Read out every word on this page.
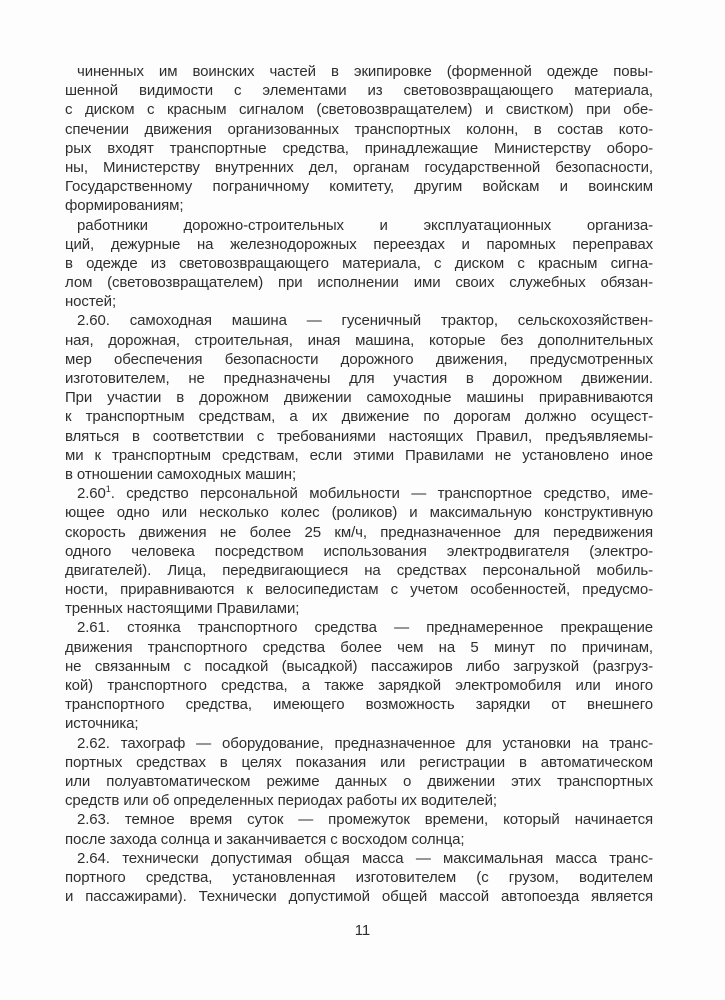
чиненных им воинских частей в экипировке (форменной одежде повы-
шенной видимости с элементами из световозвращающего материала,
с диском с красным сигналом (световозвращателем) и свистком) при обе-
спечении движения организованных транспортных колонн, в состав кото-
рых входят транспортные средства, принадлежащие Министерству оборо-
ны, Министерству внутренних дел, органам государственной безопасности,
Государственному пограничному комитету, другим войскам и воинским
формированиям;
работники дорожно-строительных и эксплуатационных организа-
ций, дежурные на железнодорожных переездах и паромных переправах
в одежде из световозвращающего материала, с диском с красным сигна-
лом (световозвращателем) при исполнении ими своих служебных обязан-
ностей;
2.60. самоходная машина — гусеничный трактор, сельскохозяйствен-
ная, дорожная, строительная, иная машина, которые без дополнительных
мер обеспечения безопасности дорожного движения, предусмотренных
изготовителем, не предназначены для участия в дорожном движении.
При участии в дорожном движении самоходные машины приравниваются
к транспортным средствам, а их движение по дорогам должно осущест-
вляться в соответствии с требованиями настоящих Правил, предъявляемы-
ми к транспортным средствам, если этими Правилами не установлено иное
в отношении самоходных машин;
2.60$^1$. средство персональной мобильности — транспортное средство, име-
ющее одно или несколько колес (роликов) и максимальную конструктивную
скорость движения не более 25 км/ч, предназначенное для передвижения
одного человека посредством использования электродвигателя (электро-
двигателей). Лица, передвигающиеся на средствах персональной мобиль-
ности, приравниваются к велосипедистам с учетом особенностей, предусмо-
тренных настоящими Правилами;
2.61. стоянка транспортного средства — преднамеренное прекращение
движения транспортного средства более чем на 5 минут по причинам,
не связанным с посадкой (высадкой) пассажиров либо загрузкой (разгруз-
кой) транспортного средства, а также зарядкой электромобиля или иного
транспортного средства, имеющего возможность зарядки от внешнего
источника;
2.62. тахограф — оборудование, предназначенное для установки на транс-
портных средствах в целях показания или регистрации в автоматическом
или полуавтоматическом режиме данных о движении этих транспортных
средств или об определенных периодах работы их водителей;
2.63. темное время суток — промежуток времени, который начинается
после захода солнца и заканчивается с восходом солнца;
2.64. технически допустимая общая масса — максимальная масса транс-
портного средства, установленная изготовителем (с грузом, водителем
и пассажирами). Технически допустимой общей массой автопоезда является
11
